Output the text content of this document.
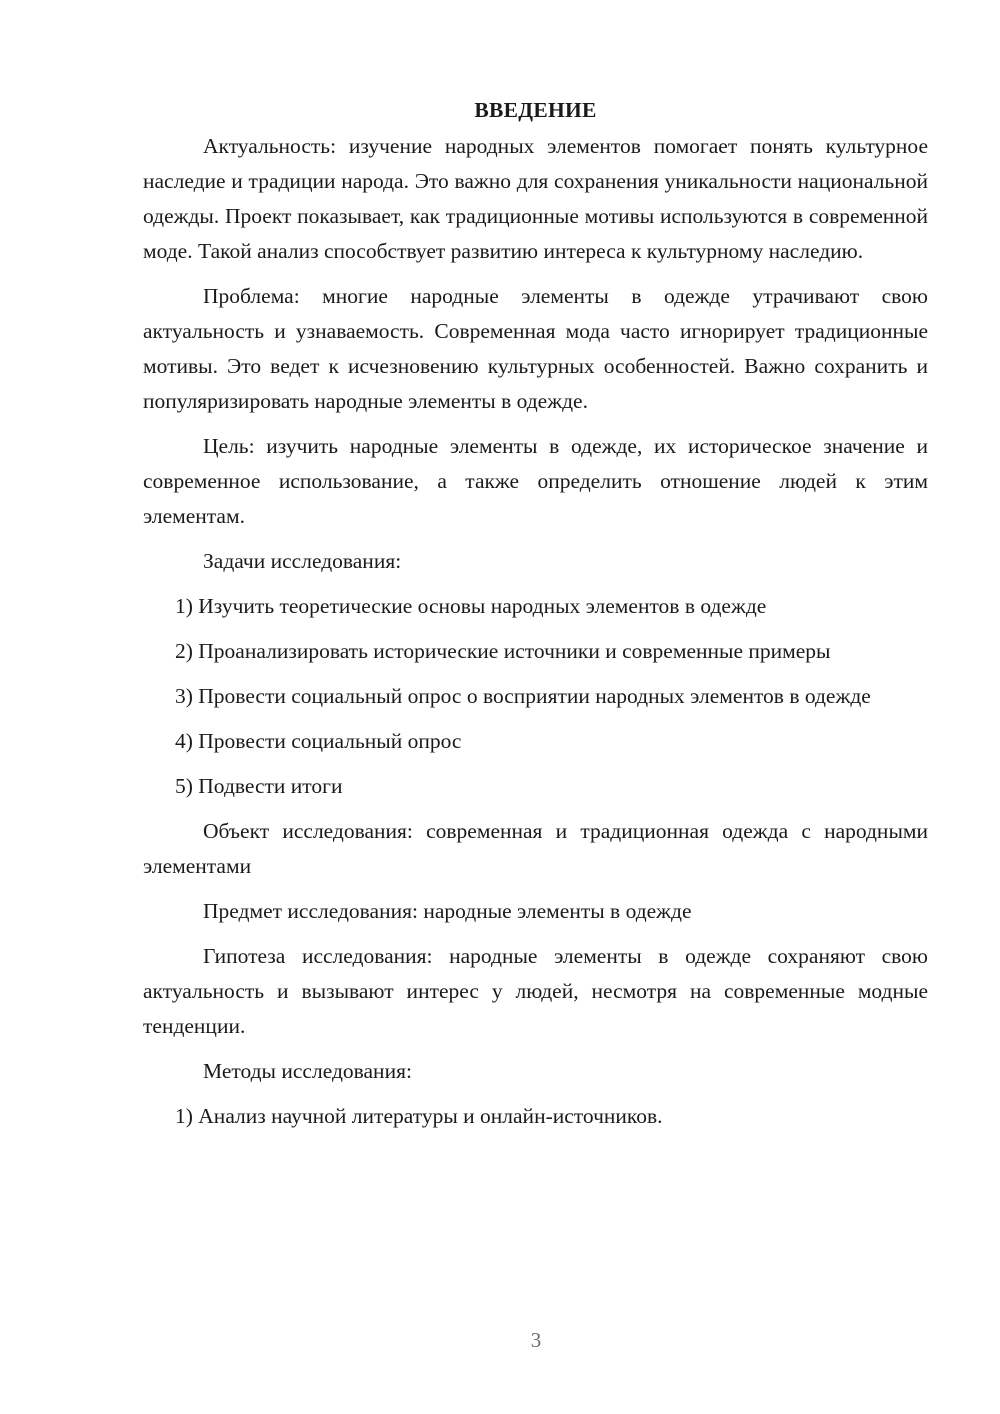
ВВЕДЕНИЕ

Актуальность: изучение народных элементов помогает понять культурное наследие и традиции народа. Это важно для сохранения уникальности национальной одежды. Проект показывает, как традиционные мотивы используются в современной моде. Такой анализ способствует развитию интереса к культурному наследию.

Проблема: многие народные элементы в одежде утрачивают свою актуальность и узнаваемость. Современная мода часто игнорирует традиционные мотивы. Это ведет к исчезновению культурных особенностей. Важно сохранить и популяризировать народные элементы в одежде.

Цель: изучить народные элементы в одежде, их историческое значение и современное использование, а также определить отношение людей к этим элементам.

Задачи исследования:

1) Изучить теоретические основы народных элементов в одежде

2) Проанализировать исторические источники и современные примеры

3) Провести социальный опрос о восприятии народных элементов в одежде

4) Провести социальный опрос

5) Подвести итоги

Объект исследования: современная и традиционная одежда с народными элементами

Предмет исследования: народные элементы в одежде

Гипотеза исследования: народные элементы в одежде сохраняют свою актуальность и вызывают интерес у людей, несмотря на современные модные тенденции.

Методы исследования:

1) Анализ научной литературы и онлайн-источников.

3
